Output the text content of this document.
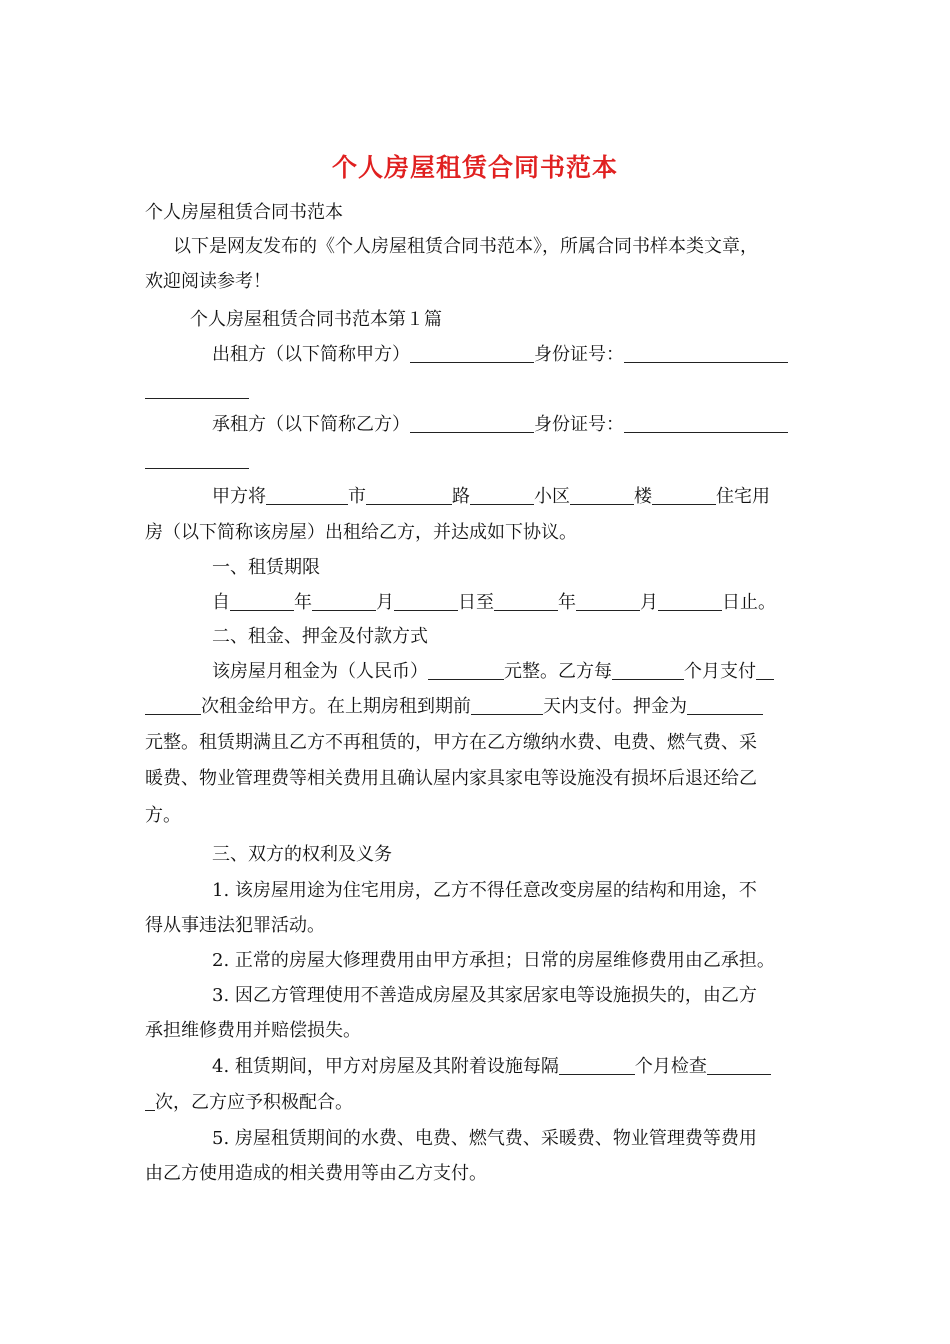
个人房屋租赁合同书范本
个人房屋租赁合同书范本
以下是网友发布的《个人房屋租赁合同书范本》，所属合同书样本类文章，
欢迎阅读参考！
个人房屋租赁合同书范本第１篇
出租方（以下简称甲方）	身份证号：
承租方（以下简称乙方）	身份证号：
甲方将	市	路	小区	楼	住宅用
房（以下简称该房屋）出租给乙方，并达成如下协议。
一、租赁期限
自	年	月	日至	年	月	日止。
二、租金、押金及付款方式
该房屋月租金为（人民币）	元整。乙方每	个月支付
次租金给甲方。在上期房租到期前	天内支付。押金为
元整。租赁期满且乙方不再租赁的，甲方在乙方缴纳水费、电费、燃气费、采
暖费、物业管理费等相关费用且确认屋内家具家电等设施没有损坏后退还给乙
方。
三、双方的权利及义务
1. 该房屋用途为住宅用房，乙方不得任意改变房屋的结构和用途，不
得从事违法犯罪活动。
2. 正常的房屋大修理费用由甲方承担；日常的房屋维修费用由乙承担。
3. 因乙方管理使用不善造成房屋及其家居家电等设施损失的，由乙方
承担维修费用并赔偿损失。
4. 租赁期间，甲方对房屋及其附着设施每隔	个月检查
次，乙方应予积极配合。
5. 房屋租赁期间的水费、电费、燃气费、采暖费、物业管理费等费用
由乙方使用造成的相关费用等由乙方支付。
